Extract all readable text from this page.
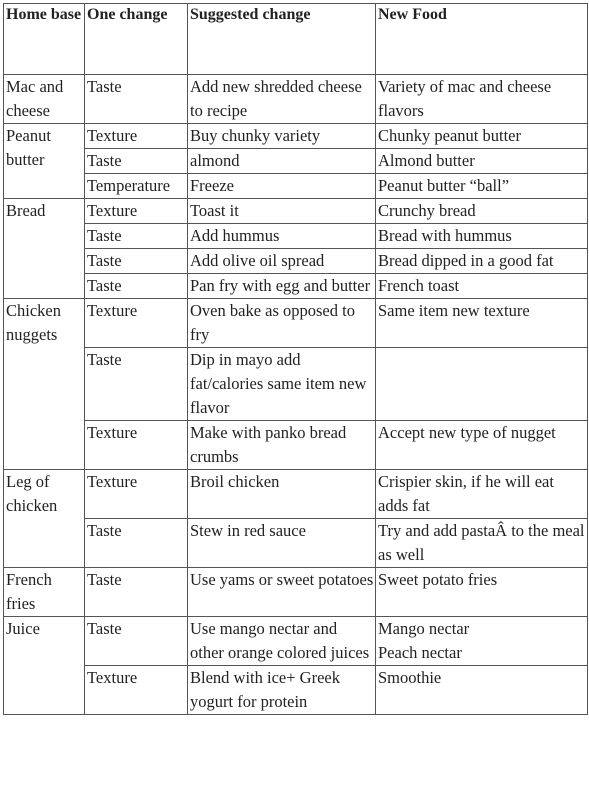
Home base	One change	Suggested change	New Food
Mac and cheese	Taste	Add new shredded cheese to recipe	Variety of mac and cheese flavors

Peanut butter	Texture	Buy chunky variety	Chunky peanut butter

	Taste	almond	Almond butter

	Temperature	Freeze	Peanut butter “ball”

Bread	Texture	Toast it	Crunchy bread

	Taste	Add hummus	Bread with hummus

	Taste	Add olive oil spread	Bread dipped in a good fat

	Taste	Pan fry with egg and butter	French toast

Chicken nuggets	Texture	Oven bake as opposed to fry	Same item new texture

	Taste	Dip in mayo add fat/calories same item new flavor	

	Texture	Make with panko bread crumbs	Accept new type of nugget

Leg of chicken	Texture	Broil chicken	Crispier skin, if he will eat adds fat

	Taste	Stew in red sauce	Try and add pastaÂ to the meal as well

French fries	Taste	Use yams or sweet potatoes	Sweet potato fries

Juice	Taste	Use mango nectar and other orange colored juices	Mango nectar
Peach nectar

	Texture	Blend with ice+ Greek yogurt for protein	Smoothie
